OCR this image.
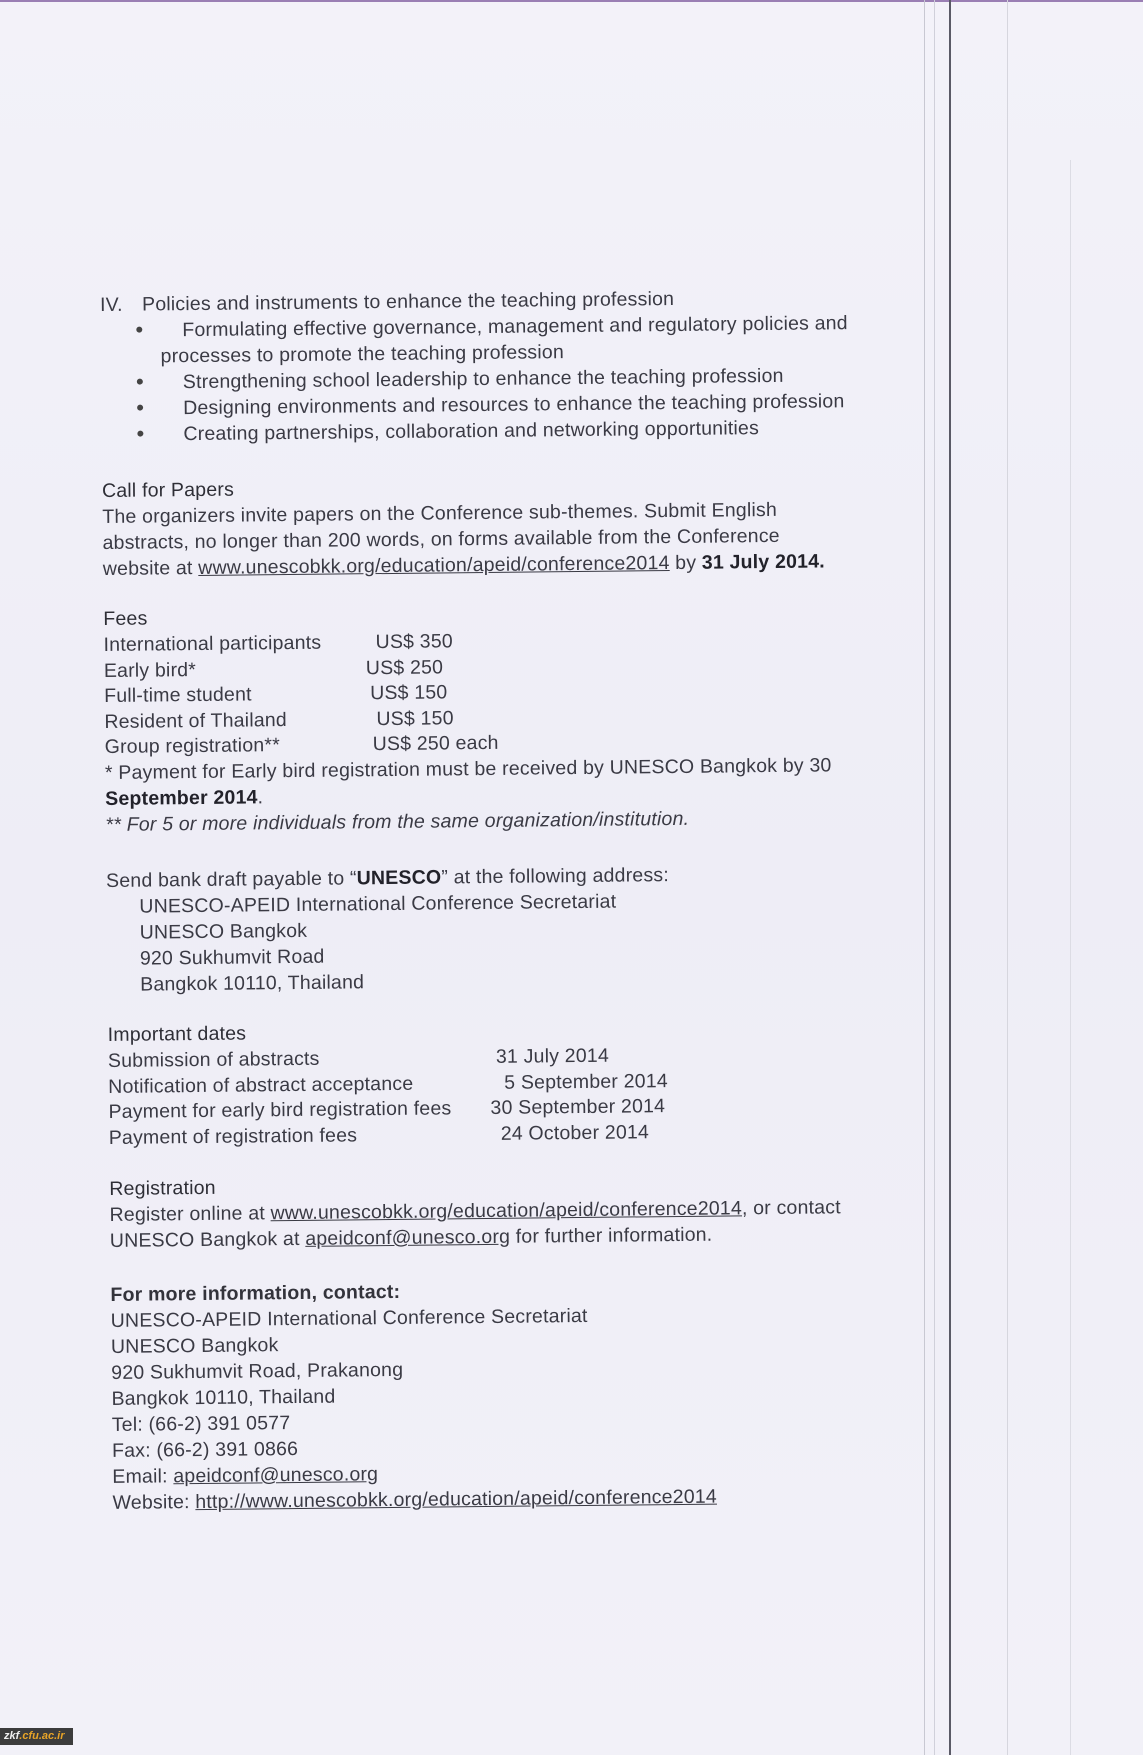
IV. Policies and instruments to enhance the teaching profession
Formulating effective governance, management and regulatory policies and
processes to promote the teaching profession
Strengthening school leadership to enhance the teaching profession
Designing environments and resources to enhance the teaching profession
Creating partnerships, collaboration and networking opportunities
Call for Papers
The organizers invite papers on the Conference sub-themes. Submit English
abstracts, no longer than 200 words, on forms available from the Conference
website at www.unescobkk.org/education/apeid/conference2014 by 31 July 2014.
Fees
International participants	US$ 350
Early bird*	US$ 250
Full-time student	US$ 150
Resident of Thailand	US$ 150
Group registration**	US$ 250 each
* Payment for Early bird registration must be received by UNESCO Bangkok by 30
September 2014.
** For 5 or more individuals from the same organization/institution.
Send bank draft payable to “UNESCO” at the following address:
UNESCO-APEID International Conference Secretariat
UNESCO Bangkok
920 Sukhumvit Road
Bangkok 10110, Thailand
Important dates
Submission of abstracts	31 July 2014
Notification of abstract acceptance	5 September 2014
Payment for early bird registration fees 30 September 2014
Payment of registration fees	24 October 2014
Registration
Register online at www.unescobkk.org/education/apeid/conference2014, or contact
UNESCO Bangkok at apeidconf@unesco.org for further information.
For more information, contact:
UNESCO-APEID International Conference Secretariat
UNESCO Bangkok
920 Sukhumvit Road, Prakanong
Bangkok 10110, Thailand
Tel: (66-2) 391 0577
Fax: (66-2) 391 0866
Email: apeidconf@unesco.org
Website: http://www.unescobkk.org/education/apeid/conference2014
zkf.cfu.ac.ir
